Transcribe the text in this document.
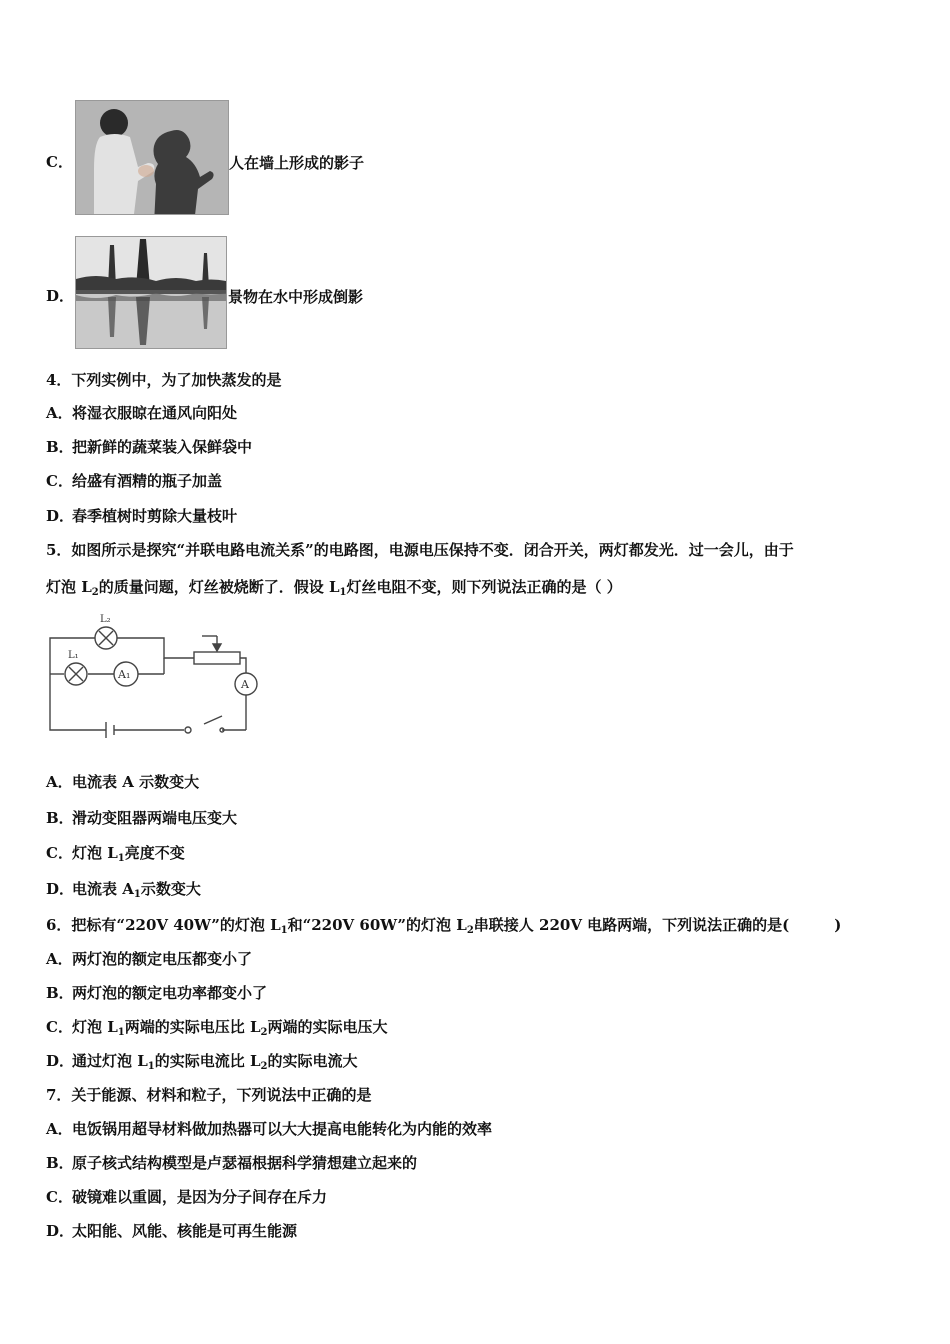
C．	人在墙上形成的影子
D．	景物在水中形成倒影
4．下列实例中，为了加快蒸发的是
A．将湿衣服晾在通风向阳处
B．把新鲜的蔬菜装入保鲜袋中
C．给盛有酒精的瓶子加盖
D．春季植树时剪除大量枝叶
5．如图所示是探究“并联电路电流关系”的电路图，电源电压保持不变．闭合开关，两灯都发光．过一会儿，由于
灯泡 $L_2$的质量问题，灯丝被烧断了．假设 $L_1$灯丝电阻不变，则下列说法正确的是（ ）
L₂
L₁
A₁
A
A．电流表 A 示数变大
B．滑动变阻器两端电压变大
C．灯泡 $L_1$亮度不变
D．电流表 $A_1$示数变大
6．把标有“220V 40W”的灯泡 $L_1$和“220V 60W”的灯泡 $L_2$串联接人 220V 电路两端，下列说法正确的是(　　　)
A．两灯泡的额定电压都变小了
B．两灯泡的额定电功率都变小了
C．灯泡 $L_1$两端的实际电压比 $L_2$两端的实际电压大
D．通过灯泡 $L_1$的实际电流比 $L_2$的实际电流大
7．关于能源、材料和粒子，下列说法中正确的是
A．电饭锅用超导材料做加热器可以大大提高电能转化为内能的效率
B．原子核式结构模型是卢瑟福根据科学猜想建立起来的
C．破镜难以重圆，是因为分子间存在斥力
D．太阳能、风能、核能是可再生能源
